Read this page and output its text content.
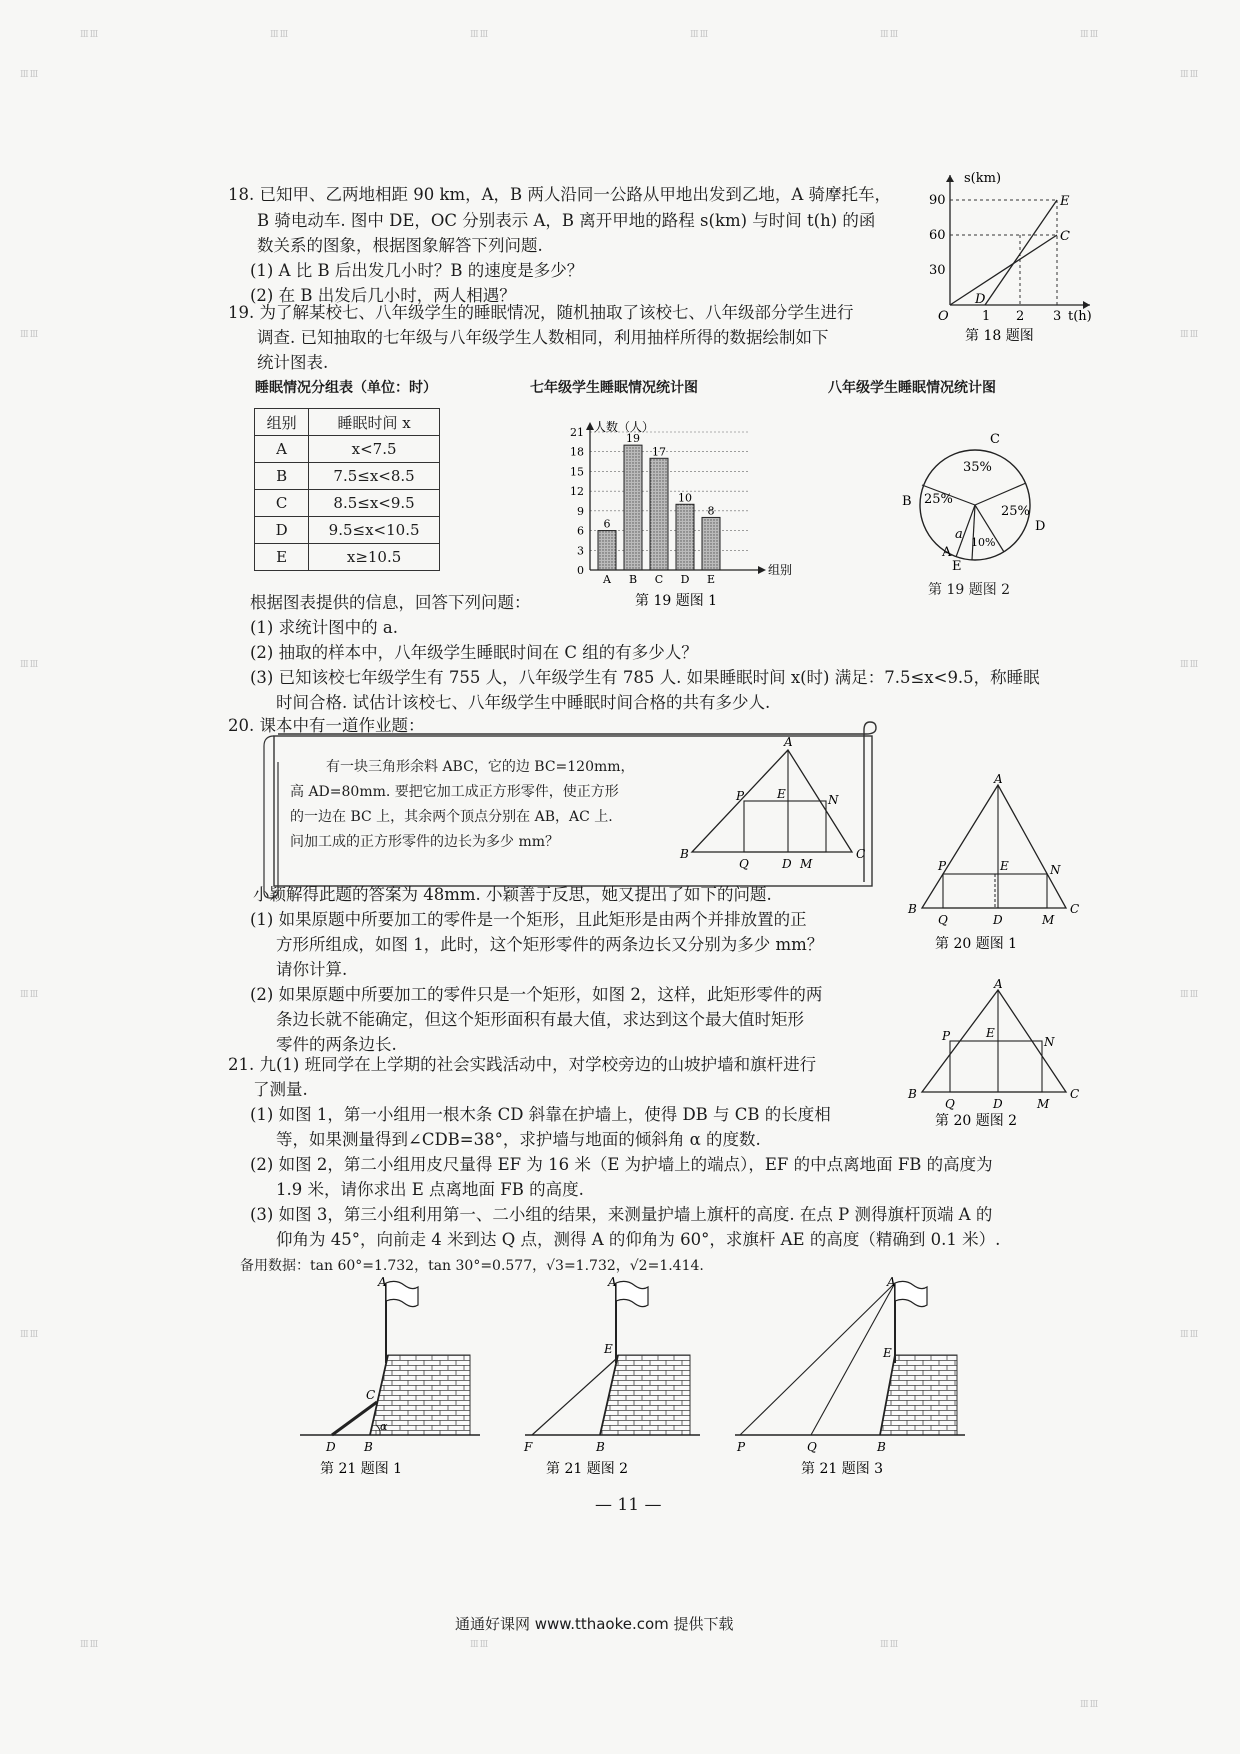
ⅢⅢ	ⅢⅢ	ⅢⅢ	ⅢⅢ	ⅢⅢ	ⅢⅢ
ⅢⅢ	ⅢⅢ
ⅢⅢ	ⅢⅢ
ⅢⅢ	ⅢⅢ
ⅢⅢ	ⅢⅢ
ⅢⅢ	ⅢⅢ
ⅢⅢ	ⅢⅢ	ⅢⅢ
ⅢⅢ
18. 已知甲、乙两地相距 90 km，A，B 两人沿同一公路从甲地出发到乙地，A 骑摩托车，
B 骑电动车. 图中 DE，OC 分别表示 A，B 离开甲地的路程 s(km) 与时间 t(h) 的函
数关系的图象，根据图象解答下列问题.
(1) A 比 B 后出发几小时？B 的速度是多少？
(2) 在 B 出发后几小时，两人相遇？
s(km)
90
60
30
O	1 2 3 t(h)
E
C
D
第 18 题图
19. 为了解某校七、八年级学生的睡眠情况，随机抽取了该校七、八年级部分学生进行
调查. 已知抽取的七年级与八年级学生人数相同，利用抽样所得的数据绘制如下
统计图表.
睡眠情况分组表（单位：时）	七年级学生睡眠情况统计图	八年级学生睡眠情况统计图
组别	睡眠时间 x
A	x<7.5
B	7.5≤x<8.5
C	8.5≤x<9.5
D	9.5≤x<10.5
E	x≥10.5
6
19
17
10
8
0
3
6
9
12
15
18
21
A B C D E
人数（人）
组别
第 19 题图 1
C
35%
B 25%
25%
D
a
10%
A
E
第 19 题图 2
根据图表提供的信息，回答下列问题：
(1) 求统计图中的 a.
(2) 抽取的样本中，八年级学生睡眠时间在 C 组的有多少人？
(3) 已知该校七年级学生有 755 人，八年级学生有 785 人. 如果睡眠时间 x(时) 满足：7.5≤x<9.5，称睡眠
时间合格. 试估计该校七、八年级学生中睡眠时间合格的共有多少人.
20. 课本中有一道作业题：
A
B	C
D
E
P	N
Q	M
有一块三角形余料 ABC，它的边 BC=120mm，
高 AD=80mm. 要把它加工成正方形零件，使正方形
的一边在 BC 上，其余两个顶点分别在 AB，AC 上.
问加工成的正方形零件的边长为多少 mm？
小颖解得此题的答案为 48mm. 小颖善于反思，她又提出了如下的问题.
(1) 如果原题中所要加工的零件是一个矩形，且此矩形是由两个并排放置的正
方形所组成，如图 1，此时，这个矩形零件的两条边长又分别为多少 mm？
请你计算.
(2) 如果原题中所要加工的零件只是一个矩形，如图 2，这样，此矩形零件的两
条边长就不能确定，但这个矩形面积有最大值，求达到这个最大值时矩形
零件的两条边长.
A
P	E	N
B	C
Q	D	M
第 20 题图 1
A
P	E
N
B	C
Q	D	M
第 20 题图 2
21. 九(1) 班同学在上学期的社会实践活动中，对学校旁边的山坡护墙和旗杆进行
了测量.
(1) 如图 1，第一小组用一根木条 CD 斜靠在护墙上，使得 DB 与 CB 的长度相
等，如果测量得到∠CDB=38°，求护墙与地面的倾斜角 α 的度数.
(2) 如图 2，第二小组用皮尺量得 EF 为 16 米（E 为护墙上的端点），EF 的中点离地面 FB 的高度为
1.9 米，请你求出 E 点离地面 FB 的高度.
(3) 如图 3，第三小组利用第一、二小组的结果，来测量护墙上旗杆的高度. 在点 P 测得旗杆顶端 A 的
仰角为 45°，向前走 4 米到达 Q 点，测得 A 的仰角为 60°，求旗杆 AE 的高度（精确到 0.1 米）.
备用数据：tan 60°=1.732，tan 30°=0.577，√3=1.732，√2=1.414.
A
C
D B
α
第 21 题图 1
A
E
F	B
第 21 题图 2
A
E
P	Q	B
第 21 题图 3
— 11 —
通通好课网 www.tthaoke.com 提供下载
